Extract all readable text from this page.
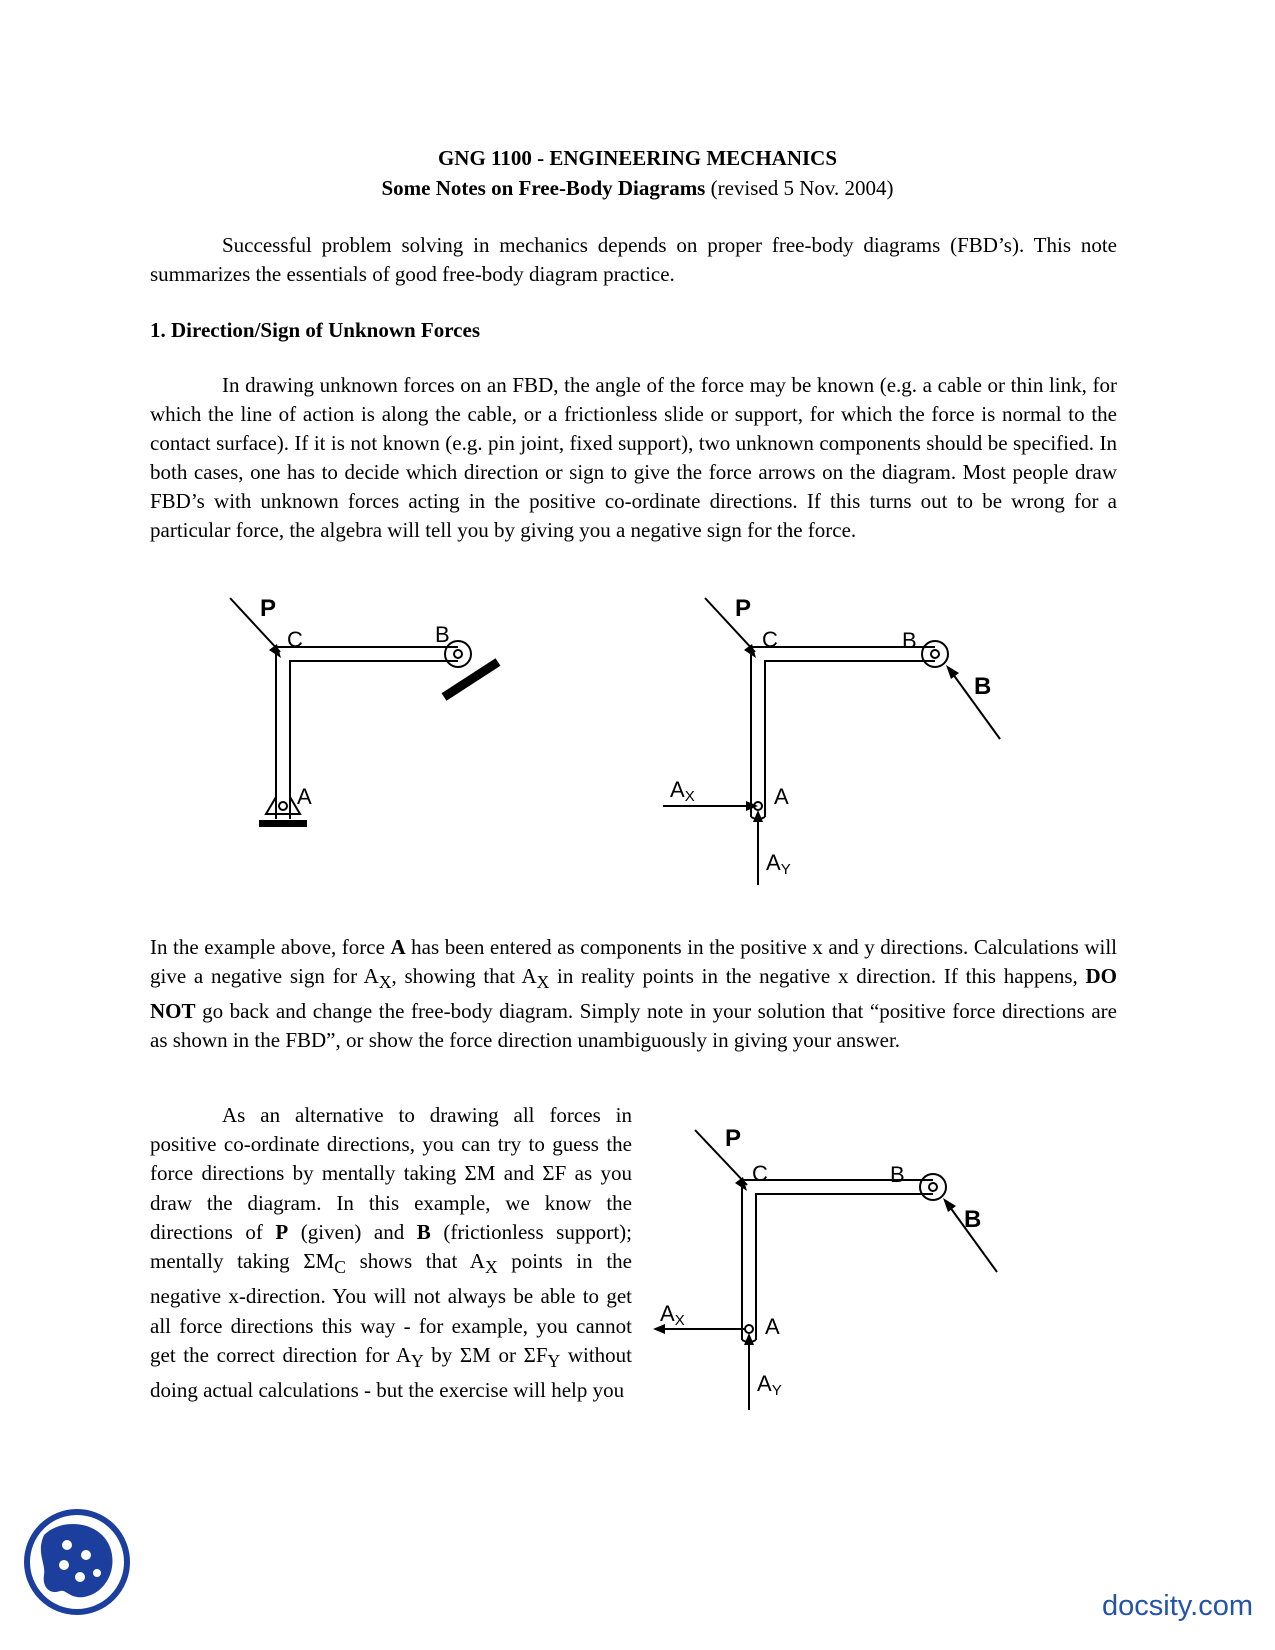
GNG 1100 - ENGINEERING MECHANICS
Some Notes on Free-Body Diagrams (revised 5 Nov. 2004)
Successful problem solving in mechanics depends on proper free-body diagrams (FBD’s). This note summarizes the essentials of good free-body diagram practice.
1. Direction/Sign of Unknown Forces
In drawing unknown forces on an FBD, the angle of the force may be known (e.g. a cable or thin link, for which the line of action is along the cable, or a frictionless slide or support, for which the force is normal to the contact surface). If it is not known (e.g. pin joint, fixed support), two unknown components should be specified. In both cases, one has to decide which direction or sign to give the force arrows on the diagram. Most people draw FBD’s with unknown forces acting in the positive co-ordinate directions. If this turns out to be wrong for a particular force, the algebra will tell you by giving you a negative sign for the force.
P
C	B
A
P
C	B
B
A
AX
AY
In the example above, force A has been entered as components in the positive x and y directions. Calculations will give a negative sign for $A_X$, showing that $A_X$ in reality points in the negative x direction. If this happens, DO NOT go back and change the free-body diagram. Simply note in your solution that “positive force directions are as shown in the FBD”, or show the force direction unambiguously in giving your answer.
As an alternative to drawing all forces in positive co-ordinate directions, you can try to guess the force directions by mentally taking ΣM and ΣF as you draw the diagram. In this example, we know the directions of P (given) and B (frictionless support); mentally taking $\Sigma M_C$ shows that $A_X$ points in the negative x-direction. You will not always be able to get all force directions this way - for example, you cannot get the correct direction for $A_Y$ by ΣM or $\Sigma F_Y$ without doing actual calculations - but the exercise will help you
P
C	B
B
A
AX
AY
docsity.com
